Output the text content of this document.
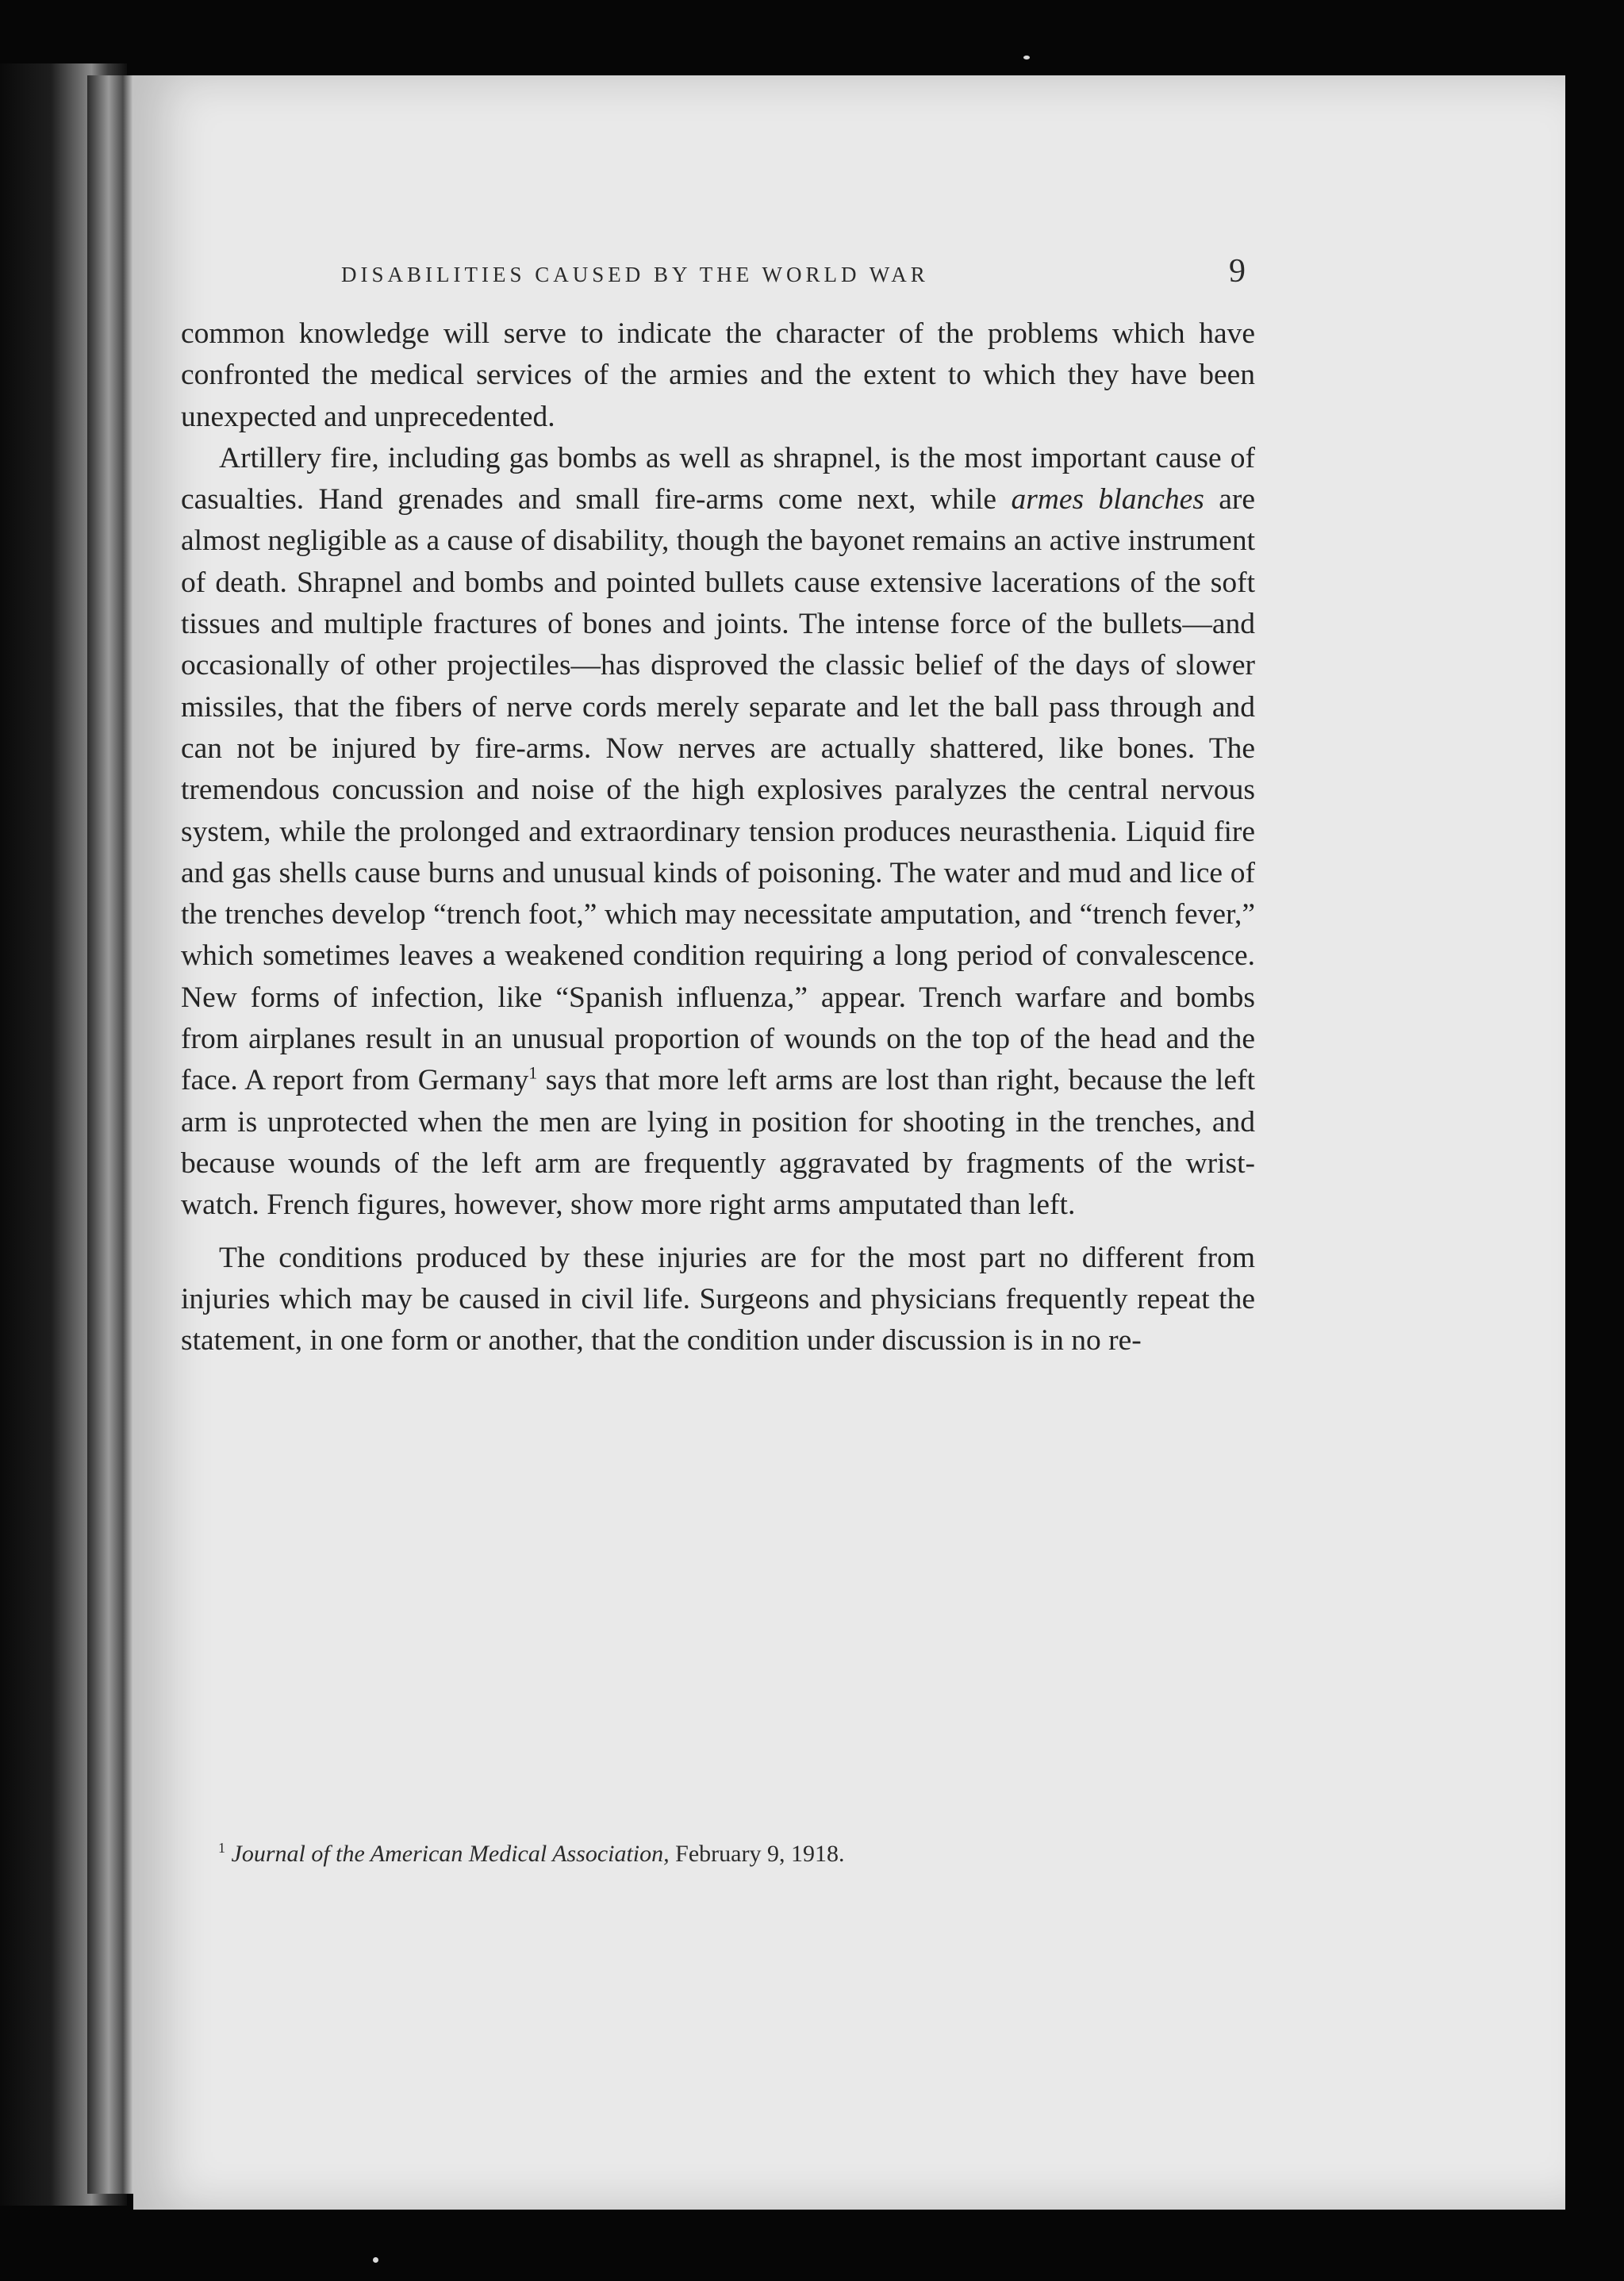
DISABILITIES CAUSED BY THE WORLD WAR	9

common knowledge will serve to indicate the character of the problems which have confronted the medical services of the armies and the extent to which they have been unexpected and unprecedented.

Artillery fire, including gas bombs as well as shrapnel, is the most important cause of casualties. Hand grenades and small fire-arms come next, while armes blanches are almost negligible as a cause of disability, though the bayonet remains an active instrument of death. Shrapnel and bombs and pointed bullets cause extensive lacerations of the soft tissues and multiple fractures of bones and joints. The intense force of the bullets—and occasionally of other projectiles—has disproved the classic belief of the days of slower missiles, that the fibers of nerve cords merely separate and let the ball pass through and can not be injured by fire-arms. Now nerves are actually shattered, like bones. The tremendous concussion and noise of the high explosives paralyzes the central nervous system, while the prolonged and extraordinary tension produces neurasthenia. Liquid fire and gas shells cause burns and unusual kinds of poisoning. The water and mud and lice of the trenches develop “trench foot,” which may necessitate amputation, and “trench fever,” which sometimes leaves a weakened condition requiring a long period of convalescence. New forms of infection, like “Spanish influenza,” appear. Trench warfare and bombs from airplanes result in an unusual proportion of wounds on the top of the head and the face. A report from Germany$^1$ says that more left arms are lost than right, because the left arm is unprotected when the men are lying in position for shooting in the trenches, and because wounds of the left arm are frequently aggravated by fragments of the wrist-watch. French figures, however, show more right arms amputated than left.

The conditions produced by these injuries are for the most part no different from injuries which may be caused in civil life. Surgeons and physicians frequently repeat the statement, in one form or another, that the condition under discussion is in no re-

$^1$ Journal of the American Medical Association, February 9, 1918.
